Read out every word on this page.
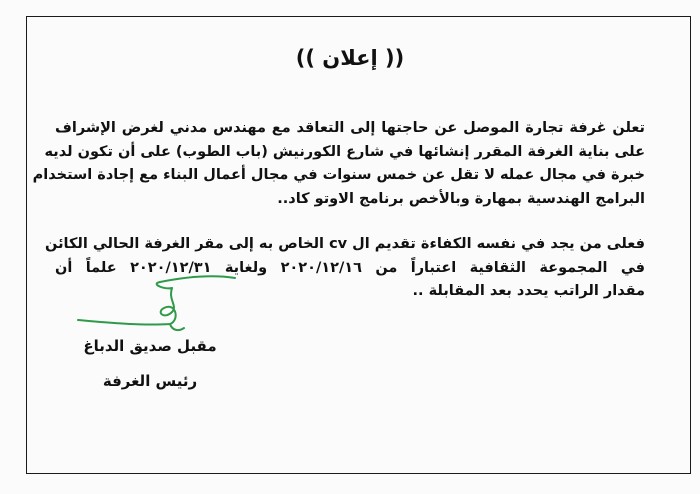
(( إعلان ))
تعلن غرفة تجارة الموصل عن حاجتها إلى التعاقد مع مهندس مدني لغرض الإشراف
على بناية الغرفة المقرر إنشائها في شارع الكورنيش (باب الطوب) على أن تكون لديه
خبرة في مجال عمله لا تقل عن خمس سنوات في مجال أعمال البناء مع إجادة استخدام
البرامج الهندسية بمهارة وبالأخص برنامج الاوتو كاد..
فعلى من يجد في نفسه الكفاءة تقديم ال cv الخاص به إلى مقر الغرفة الحالي الكائن
في المجموعة الثقافية اعتباراً من ٢٠٢٠/١٢/١٦ ولغاية ٢٠٢٠/١٢/٣١ علماً أن
مقدار الراتب يحدد بعد المقابلة ..
مقبل صديق الدباغ
رئيس الغرفة
